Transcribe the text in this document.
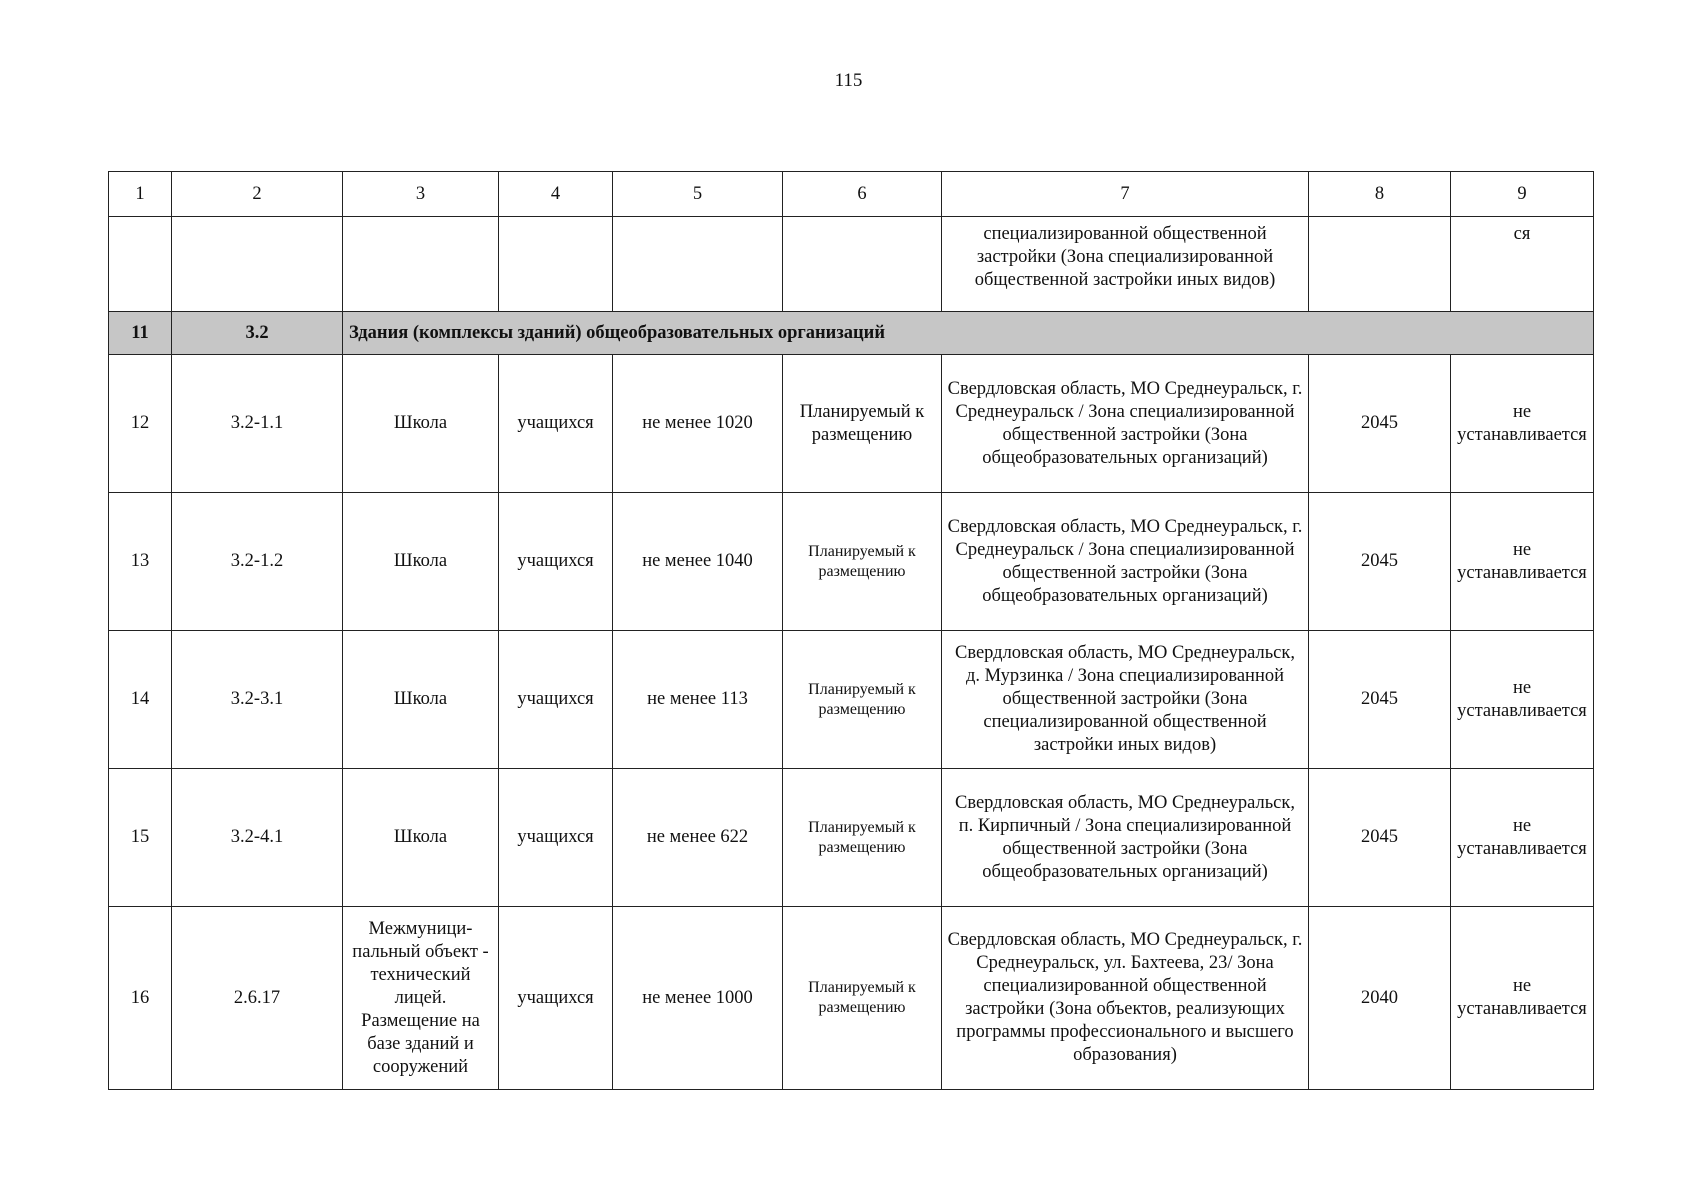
115
1	2	3	4	5	6	7	8	9
						специализированной общественной застройки (Зона специализированной общественной застройки иных видов)		ся
11	3.2	Здания (комплексы зданий) общеобразовательных организаций						
12	3.2-1.1	Школа	учащихся	не менее 1020	Планируемый к размещению	Свердловская область, МО Среднеуральск, г. Среднеуральск / Зона специализированной общественной застройки (Зона общеобразовательных организаций)	2045	не устанавливается
13	3.2-1.2	Школа	учащихся	не менее 1040	Планируемый к размещению	Свердловская область, МО Среднеуральск, г. Среднеуральск / Зона специализированной общественной застройки (Зона общеобразовательных организаций)	2045	не устанавливается
14	3.2-3.1	Школа	учащихся	не менее 113	Планируемый к размещению	Свердловская область, МО Среднеуральск, д. Мурзинка / Зона специализированной общественной застройки (Зона специализированной общественной застройки иных видов)	2045	не устанавливается
15	3.2-4.1	Школа	учащихся	не менее 622	Планируемый к размещению	Свердловская область, МО Среднеуральск, п. Кирпичный / Зона специализированной общественной застройки (Зона общеобразовательных организаций)	2045	не устанавливается
16	2.6.17	Межмуници-пальный объект - технический лицей. Размещение на базе зданий и сооружений	учащихся	не менее 1000	Планируемый к размещению	Свердловская область, МО Среднеуральск, г. Среднеуральск, ул. Бахтеева, 23/ Зона специализированной общественной застройки (Зона объектов, реализующих программы профессионального и высшего образования)	2040	не устанавливается
